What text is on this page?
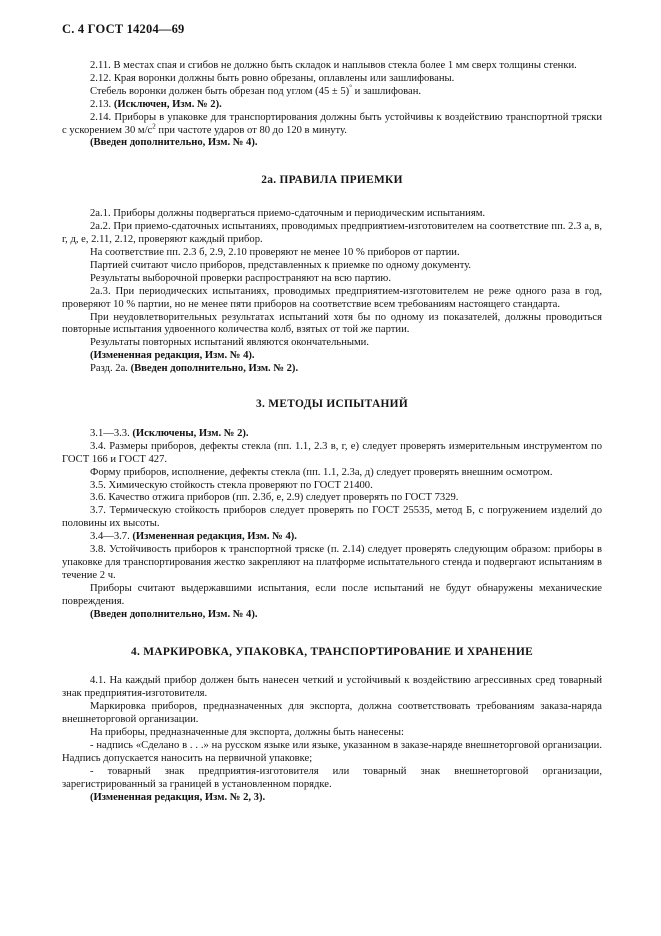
С. 4 ГОСТ 14204—69

2.11. В местах спая и сгибов не должно быть складок и наплывов стекла более 1 мм сверх толщины стенки.

2.12. Края воронки должны быть ровно обрезаны, оплавлены или зашлифованы.

Стебель воронки должен быть обрезан под углом (45 ± 5)° и зашлифован.

2.13. (Исключен, Изм. № 2).

2.14. Приборы в упаковке для транспортирования должны быть устойчивы к воздействию транспортной тряски с ускорением 30 $м/с^2$ при частоте ударов от 80 до 120 в минуту.

(Введен дополнительно, Изм. № 4).

2а. ПРАВИЛА ПРИЕМКИ

2а.1. Приборы должны подвергаться приемо-сдаточным и периодическим испытаниям.

2а.2. При приемо-сдаточных испытаниях, проводимых предприятием-изготовителем на соответствие пп. 2.3 а, в, г, д, е, 2.11, 2.12, проверяют каждый прибор.

На соответствие пп. 2.3 б, 2.9, 2.10 проверяют не менее 10 % приборов от партии.

Партией считают число приборов, представленных к приемке по одному документу.

Результаты выборочной проверки распространяют на всю партию.

2а.3. При периодических испытаниях, проводимых предприятием-изготовителем не реже одного раза в год, проверяют 10 % партии, но не менее пяти приборов на соответствие всем требованиям настоящего стандарта.

При неудовлетворительных результатах испытаний хотя бы по одному из показателей, должны проводиться повторные испытания удвоенного количества колб, взятых от той же партии.

Результаты повторных испытаний являются окончательными.

(Измененная редакция, Изм. № 4).

Разд. 2а. (Введен дополнительно, Изм. № 2).

3. МЕТОДЫ ИСПЫТАНИЙ

3.1—3.3. (Исключены, Изм. № 2).

3.4. Размеры приборов, дефекты стекла (пп. 1.1, 2.3 в, г, е) следует проверять измерительным инструментом по ГОСТ 166 и ГОСТ 427.

Форму приборов, исполнение, дефекты стекла (пп. 1.1, 2.3а, д) следует проверять внешним осмотром.

3.5. Химическую стойкость стекла проверяют по ГОСТ 21400.

3.6. Качество отжига приборов (пп. 2.3б, е, 2.9) следует проверять по ГОСТ 7329.

3.7. Термическую стойкость приборов следует проверять по ГОСТ 25535, метод Б, с погружением изделий до половины их высоты.

3.4—3.7. (Измененная редакция, Изм. № 4).

3.8. Устойчивость приборов к транспортной тряске (п. 2.14) следует проверять следующим образом: приборы в упаковке для транспортирования жестко закрепляют на платформе испытательного стенда и подвергают испытаниям в течение 2 ч.

Приборы считают выдержавшими испытания, если после испытаний не будут обнаружены механические повреждения.

(Введен дополнительно, Изм. № 4).

4. МАРКИРОВКА, УПАКОВКА, ТРАНСПОРТИРОВАНИЕ И ХРАНЕНИЕ

4.1. На каждый прибор должен быть нанесен четкий и устойчивый к воздействию агрессивных сред товарный знак предприятия-изготовителя.

Маркировка приборов, предназначенных для экспорта, должна соответствовать требованиям заказа-наряда внешнеторговой организации.

На приборы, предназначенные для экспорта, должны быть нанесены:

- надпись «Сделано в . . .» на русском языке или языке, указанном в заказе-наряде внешнеторговой организации. Надпись допускается наносить на первичной упаковке;

- товарный знак предприятия-изготовителя или товарный знак внешнеторговой организации, зарегистрированный за границей в установленном порядке.

(Измененная редакция, Изм. № 2, 3).
